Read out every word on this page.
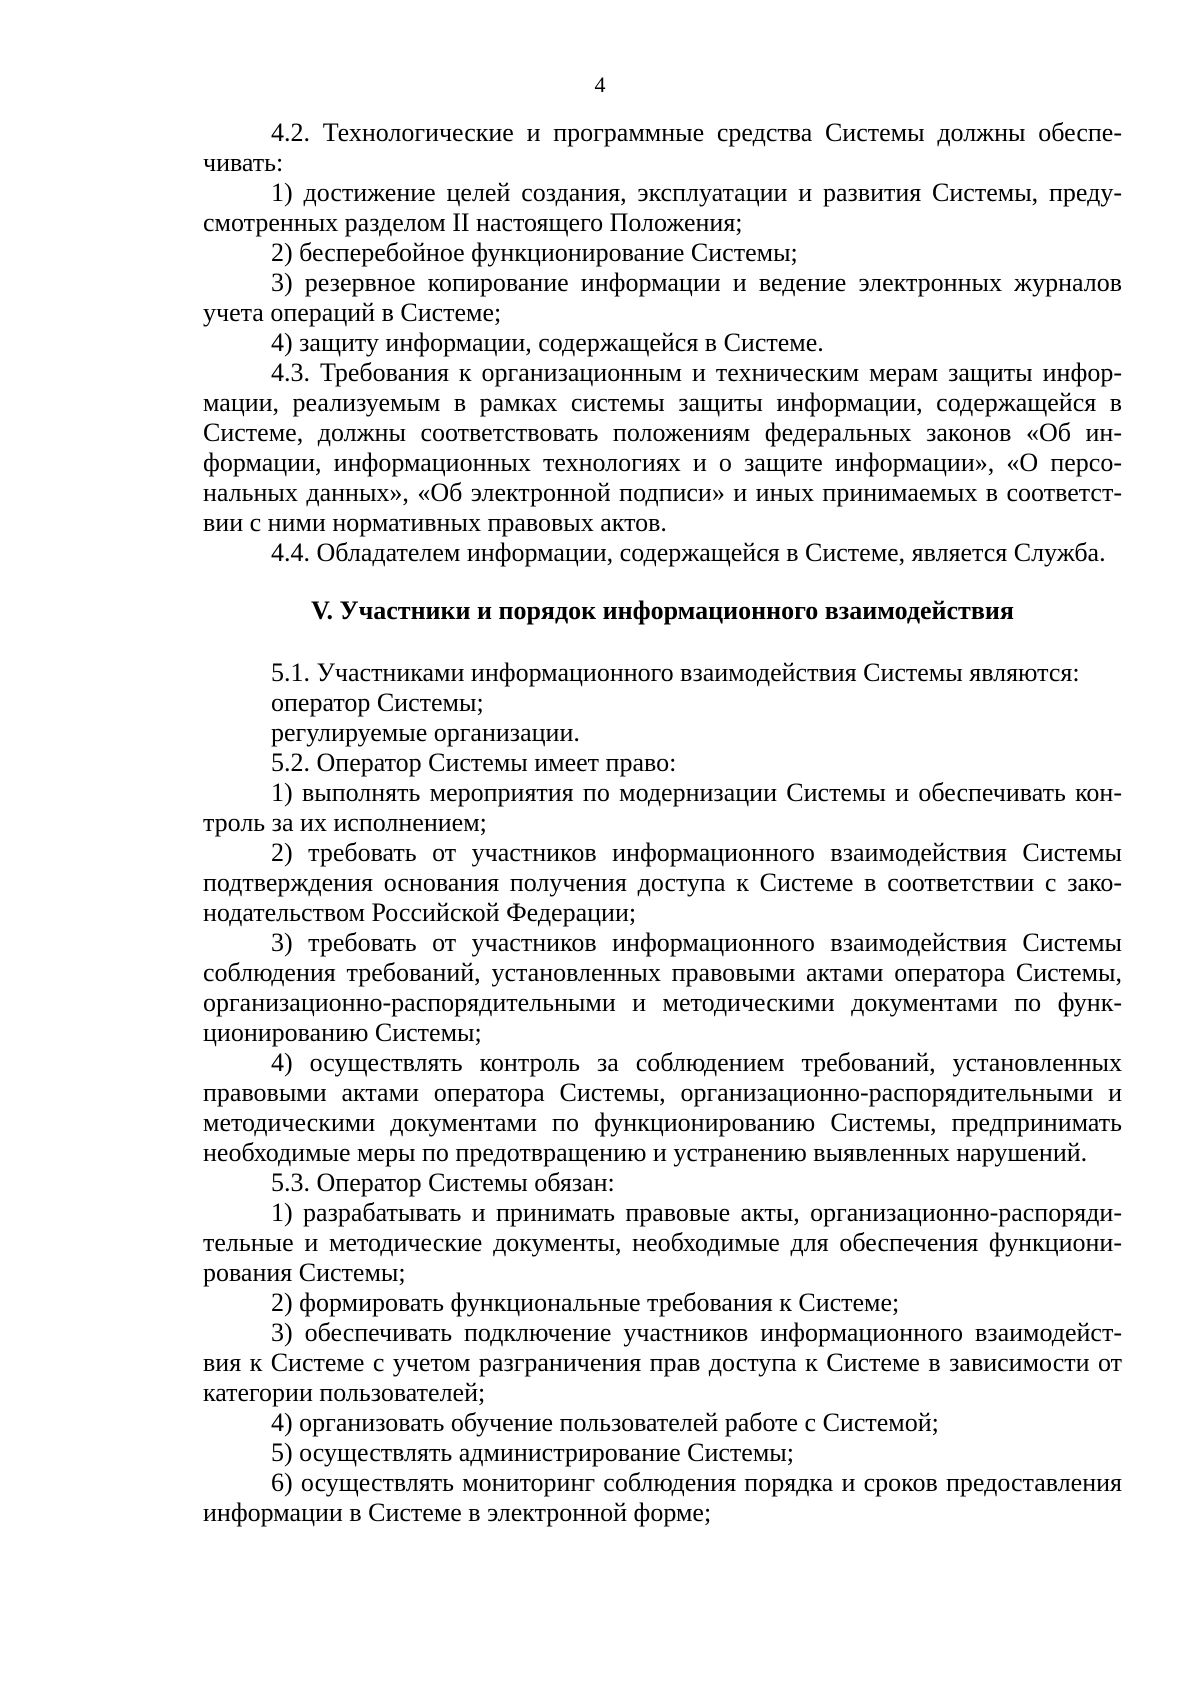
4

4.2. Технологические и программные средства Системы должны обеспечивать:

1) достижение целей создания, эксплуатации и развития Системы, предусмотренных разделом II настоящего Положения;

2) бесперебойное функционирование Системы;

3) резервное копирование информации и ведение электронных журналов учета операций в Системе;

4) защиту информации, содержащейся в Системе.

4.3. Требования к организационным и техническим мерам защиты информации, реализуемым в рамках системы защиты информации, содержащейся в Системе, должны соответствовать положениям федеральных законов «Об информации, информационных технологиях и о защите информации», «О персональных данных», «Об электронной подписи» и иных принимаемых в соответствии с ними нормативных правовых актов.

4.4. Обладателем информации, содержащейся в Системе, является Служба.

V. Участники и порядок информационного взаимодействия

5.1. Участниками информационного взаимодействия Системы являются:

оператор Системы;

регулируемые организации.

5.2. Оператор Системы имеет право:

1) выполнять мероприятия по модернизации Системы и обеспечивать контроль за их исполнением;

2) требовать от участников информационного взаимодействия Системы подтверждения основания получения доступа к Системе в соответствии с законодательством Российской Федерации;

3) требовать от участников информационного взаимодействия Системы соблюдения требований, установленных правовыми актами оператора Системы, организационно-распорядительными и методическими документами по функционированию Системы;

4) осуществлять контроль за соблюдением требований, установленных правовыми актами оператора Системы, организационно-распорядительными и методическими документами по функционированию Системы, предпринимать необходимые меры по предотвращению и устранению выявленных нарушений.

5.3. Оператор Системы обязан:

1) разрабатывать и принимать правовые акты, организационно-распорядительные и методические документы, необходимые для обеспечения функционирования Системы;

2) формировать функциональные требования к Системе;

3) обеспечивать подключение участников информационного взаимодействия к Системе с учетом разграничения прав доступа к Системе в зависимости от категории пользователей;

4) организовать обучение пользователей работе с Системой;

5) осуществлять администрирование Системы;

6) осуществлять мониторинг соблюдения порядка и сроков предоставления информации в Системе в электронной форме;
